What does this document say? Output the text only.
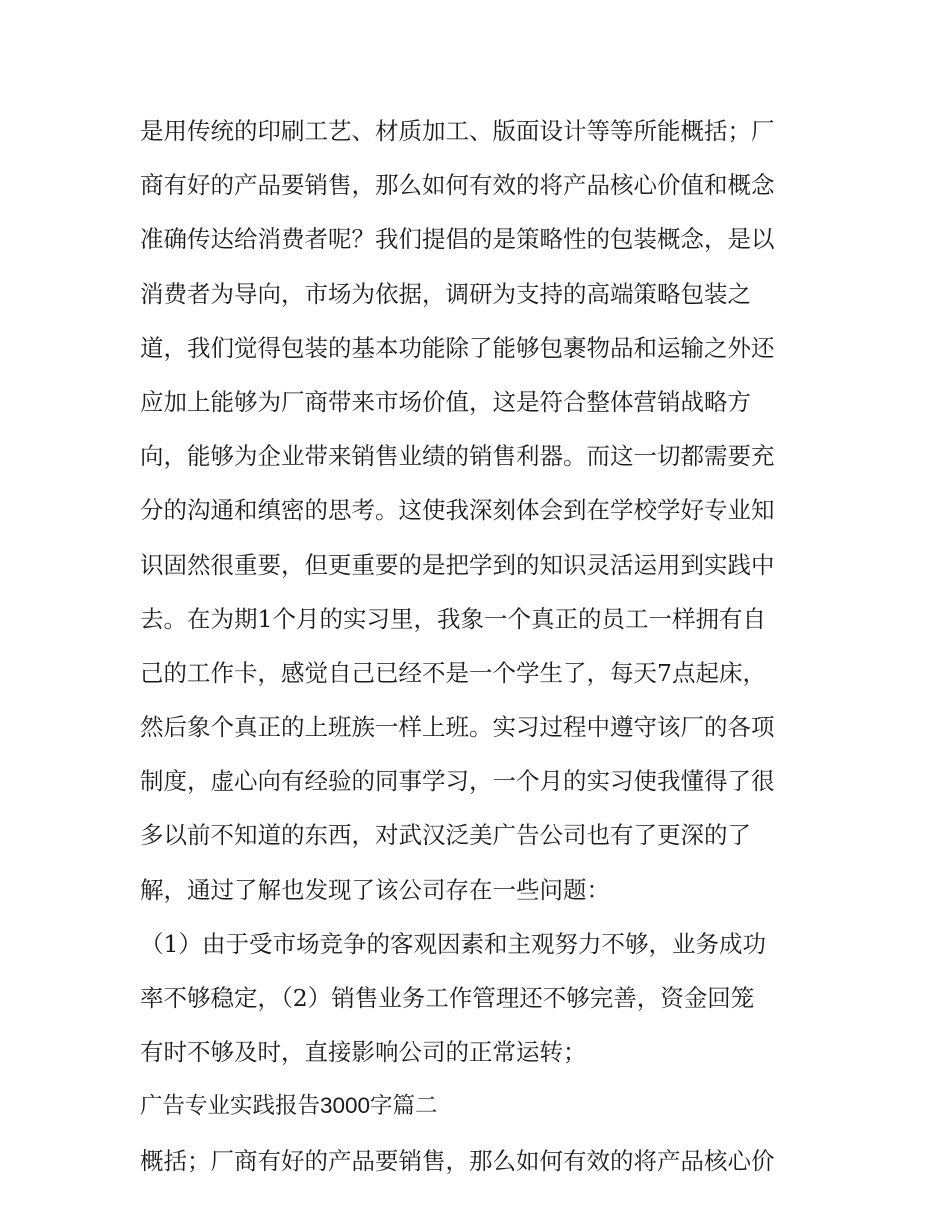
是用传统的印刷工艺、材质加工、版面设计等等所能概括；厂
商有好的产品要销售，那么如何有效的将产品核心价值和概念
准确传达给消费者呢？我们提倡的是策略性的包装概念，是以
消费者为导向，市场为依据，调研为支持的高端策略包装之
道，我们觉得包装的基本功能除了能够包裹物品和运输之外还
应加上能够为厂商带来市场价值，这是符合整体营销战略方
向，能够为企业带来销售业绩的销售利器。而这一切都需要充
分的沟通和缜密的思考。这使我深刻体会到在学校学好专业知
识固然很重要，但更重要的是把学到的知识灵活运用到实践中
去。在为期1个月的实习里，我象一个真正的员工一样拥有自
己的工作卡，感觉自己已经不是一个学生了，每天7点起床，
然后象个真正的上班族一样上班。实习过程中遵守该厂的各项
制度，虚心向有经验的同事学习，一个月的实习使我懂得了很
多以前不知道的东西，对武汉泛美广告公司也有了更深的了
解，通过了解也发现了该公司存在一些问题：
（1）由于受市场竞争的客观因素和主观努力不够，业务成功
率不够稳定，（2）销售业务工作管理还不够完善，资金回笼
有时不够及时，直接影响公司的正常运转；
广告专业实践报告3000字篇二
概括；厂商有好的产品要销售，那么如何有效的将产品核心价
